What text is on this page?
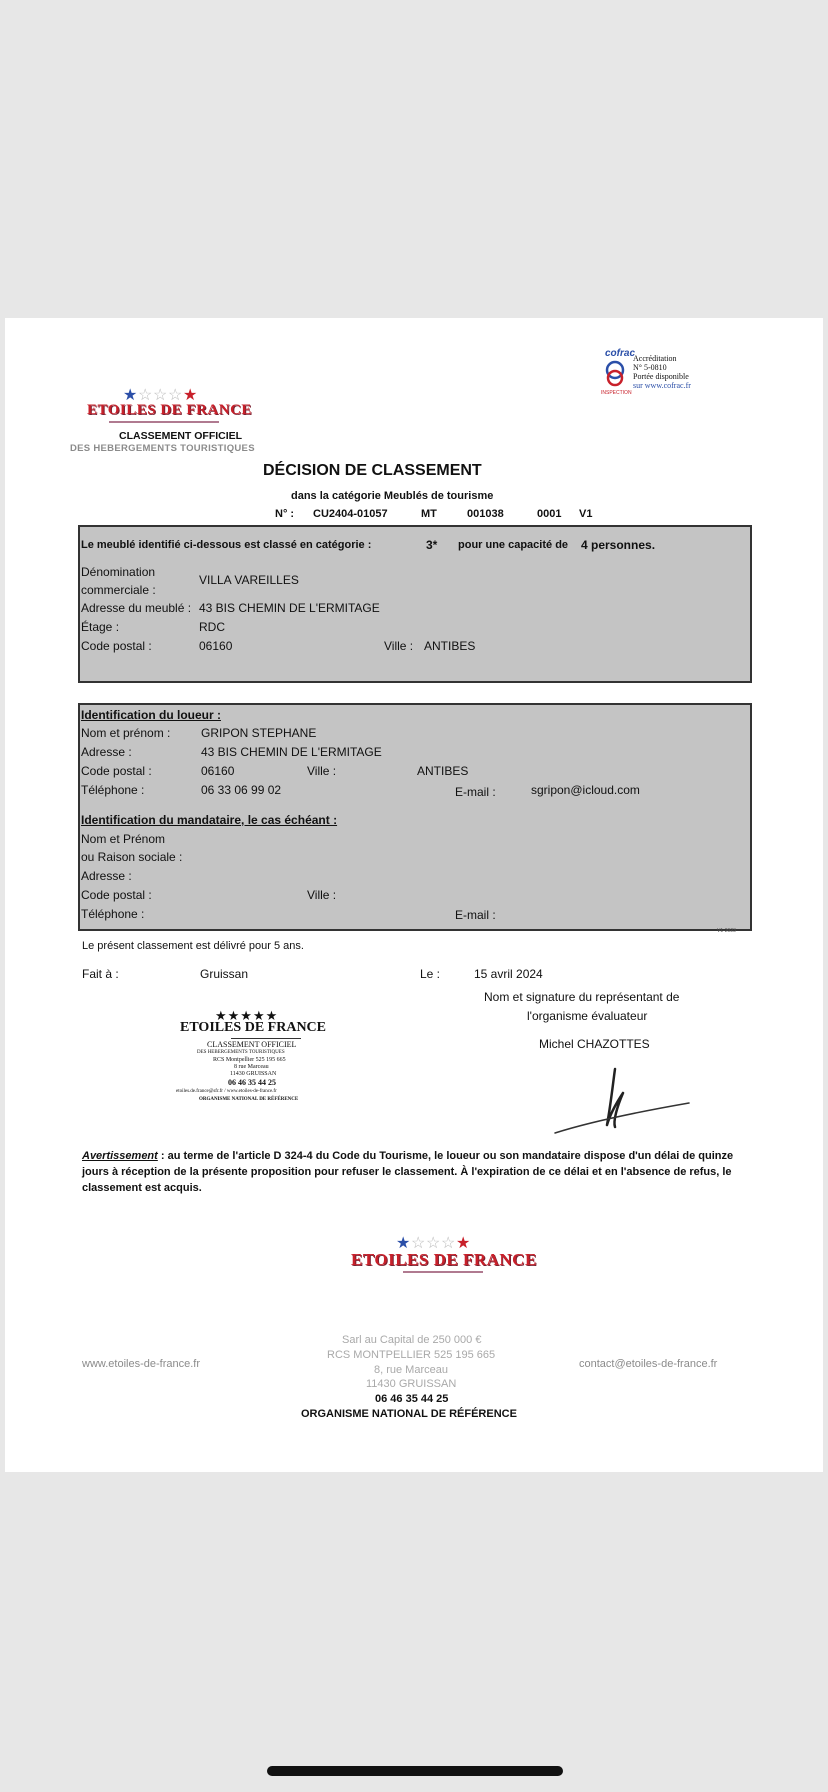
★ ☆ ☆ ☆ ★
ETOILES DE FRANCE
CLASSEMENT OFFICIEL
DES HEBERGEMENTS TOURISTIQUES
cofrac
INSPECTION
Accréditation
N° 5-0810
Portée disponible
sur www.cofrac.fr
DÉCISION DE CLASSEMENT
dans la catégorie Meublés de tourisme
N° : CU2404-01057	MT	001038	0001 V1
Le meublé identifié ci-dessous est classé en catégorie :	3* pour une capacité de 4 personnes.
Dénomination
commerciale :
VILLA VAREILLES
Adresse du meublé : 43 BIS CHEMIN DE L'ERMITAGE
Étage :	RDC
Code postal :	06160	Ville : ANTIBES
Identification du loueur :
Nom et prénom :	GRIPON STEPHANE
Adresse :	43 BIS CHEMIN DE L'ERMITAGE
Code postal :	06160	Ville :	ANTIBES
Téléphone :	06 33 06 99 02	E-mail :	sgripon@icloud.com
Identification du mandataire, le cas échéant :
Nom et Prénom
ou Raison sociale :
Adresse :
Code postal :	Ville :
Téléphone :	E-mail :
V1-2023
Le présent classement est délivré pour 5 ans.
Fait à :	Gruissan	Le :	15 avril 2024
Nom et signature du représentant de
l'organisme évaluateur
Michel CHAZOTTES
★★★★★
ETOILES DE FRANCE
CLASSEMENT OFFICIEL
DES HEBERGEMENTS TOURISTIQUES
RCS Montpellier 525 195 665
8 rue Marceau
11430 GRUISSAN
06 46 35 44 25
etoiles.de.france@sfr.fr / www.etoiles-de-france.fr
ORGANISME NATIONAL DE RÉFÉRENCE
Avertissement : au terme de l'article D 324-4 du Code du Tourisme, le loueur ou son mandataire dispose d'un délai de quinze
jours à réception de la présente proposition pour refuser le classement. À l'expiration de ce délai et en l'absence de refus, le
classement est acquis.
★ ☆ ☆ ☆ ★
ETOILES DE FRANCE
www.etoiles-de-france.fr	contact@etoiles-de-france.fr
Sarl au Capital de 250 000 €
RCS MONTPELLIER 525 195 665
8, rue Marceau
11430 GRUISSAN
06 46 35 44 25
ORGANISME NATIONAL DE RÉFÉRENCE
